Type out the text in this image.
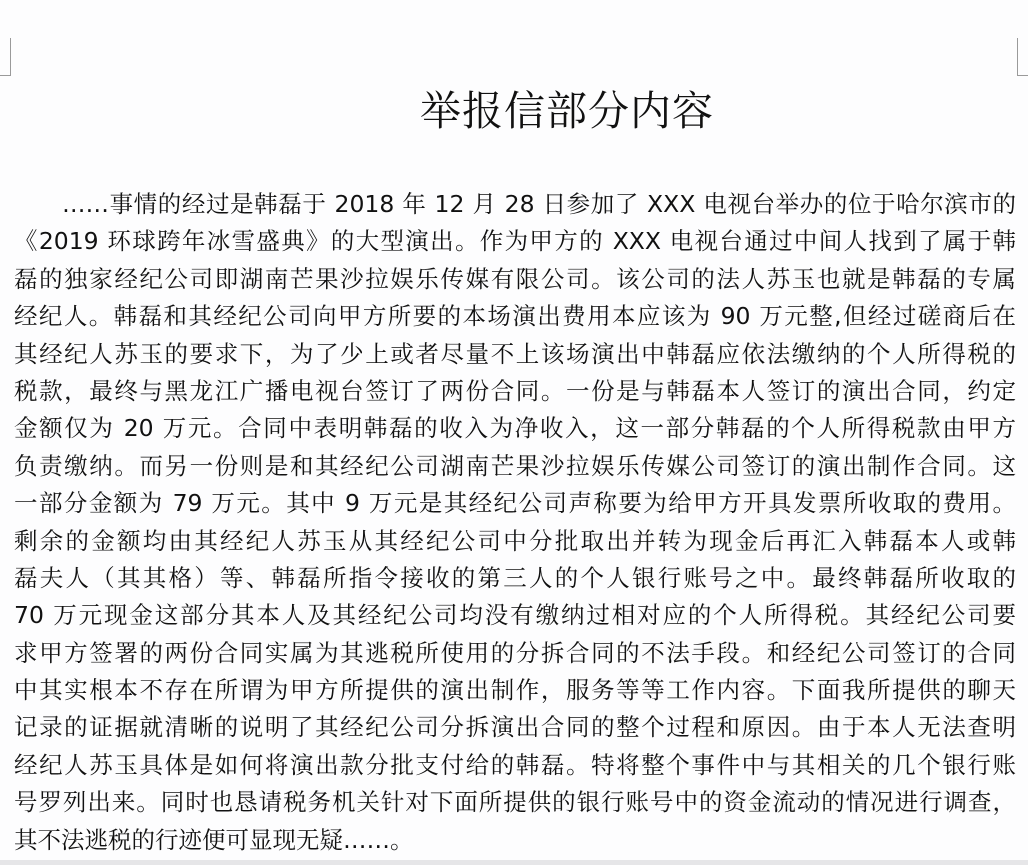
举报信部分内容
……事情的经过是韩磊于 2018 年 12 月 28 日参加了 XXX 电视台举办的位于哈尔滨市的
《2019 环球跨年冰雪盛典》的大型演出。作为甲方的 XXX 电视台通过中间人找到了属于韩
磊的独家经纪公司即湖南芒果沙拉娱乐传媒有限公司。该公司的法人苏玉也就是韩磊的专属
经纪人。韩磊和其经纪公司向甲方所要的本场演出费用本应该为 90 万元整,但经过磋商后在
其经纪人苏玉的要求下，为了少上或者尽量不上该场演出中韩磊应依法缴纳的个人所得税的
税款，最终与黑龙江广播电视台签订了两份合同。一份是与韩磊本人签订的演出合同，约定
金额仅为 20 万元。合同中表明韩磊的收入为净收入，这一部分韩磊的个人所得税款由甲方
负责缴纳。而另一份则是和其经纪公司湖南芒果沙拉娱乐传媒公司签订的演出制作合同。这
一部分金额为 79 万元。其中 9 万元是其经纪公司声称要为给甲方开具发票所收取的费用。
剩余的金额均由其经纪人苏玉从其经纪公司中分批取出并转为现金后再汇入韩磊本人或韩
磊夫人（其其格）等、韩磊所指令接收的第三人的个人银行账号之中。最终韩磊所收取的
70 万元现金这部分其本人及其经纪公司均没有缴纳过相对应的个人所得税。其经纪公司要
求甲方签署的两份合同实属为其逃税所使用的分拆合同的不法手段。和经纪公司签订的合同
中其实根本不存在所谓为甲方所提供的演出制作，服务等等工作内容。下面我所提供的聊天
记录的证据就清晰的说明了其经纪公司分拆演出合同的整个过程和原因。由于本人无法查明
经纪人苏玉具体是如何将演出款分批支付给的韩磊。特将整个事件中与其相关的几个银行账
号罗列出来。同时也恳请税务机关针对下面所提供的银行账号中的资金流动的情况进行调查，
其不法逃税的行迹便可显现无疑……。
